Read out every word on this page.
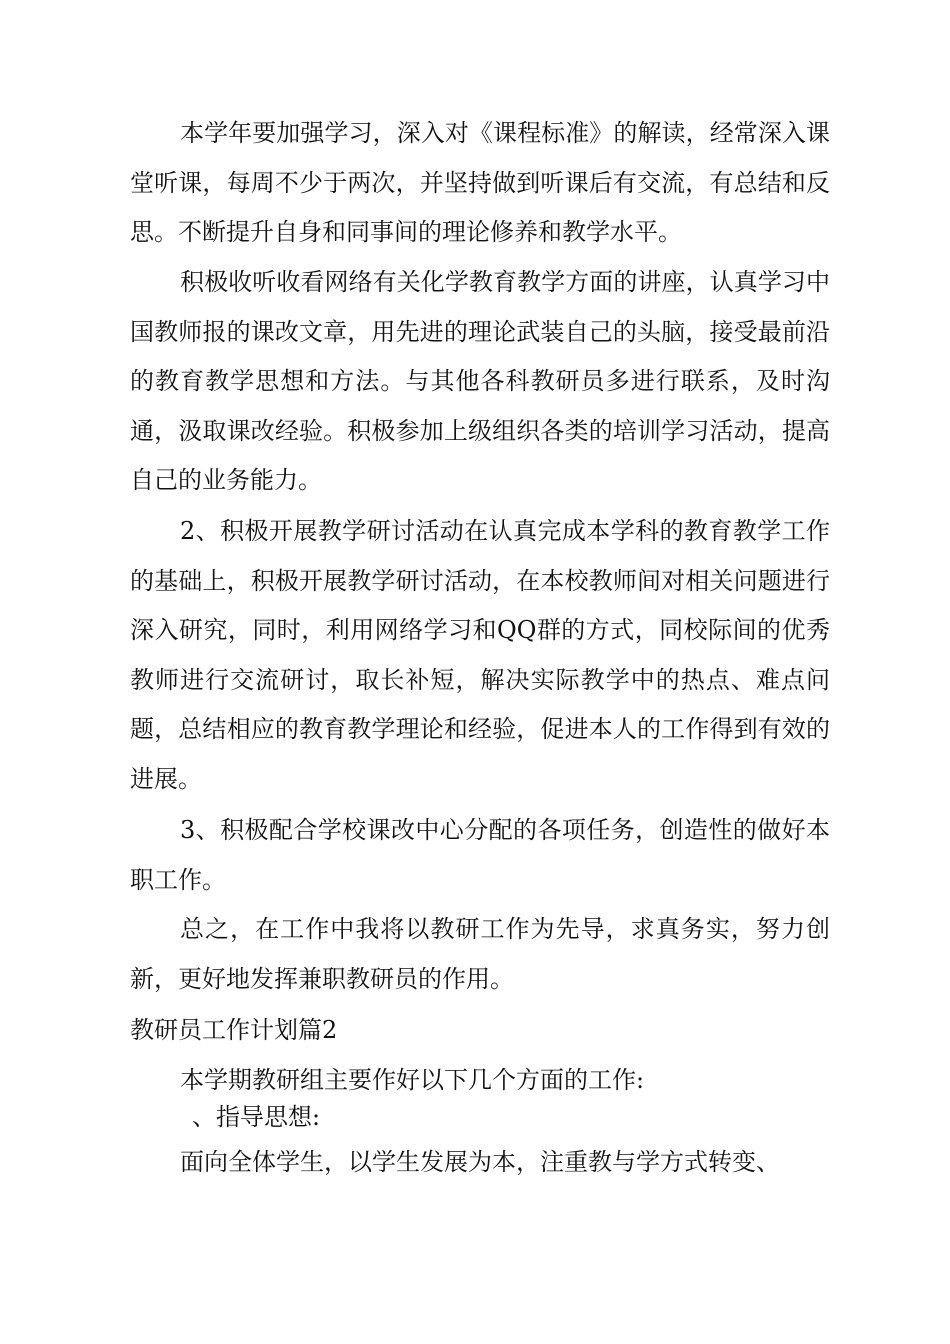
本学年要加强学习，深入对《课程标准》的解读，经常深入课堂听课，每周不少于两次，并坚持做到听课后有交流，有总结和反思。不断提升自身和同事间的理论修养和教学水平。

积极收听收看网络有关化学教育教学方面的讲座，认真学习中国教师报的课改文章，用先进的理论武装自己的头脑，接受最前沿的教育教学思想和方法。与其他各科教研员多进行联系，及时沟通，汲取课改经验。积极参加上级组织各类的培训学习活动，提高自己的业务能力。

2、积极开展教学研讨活动在认真完成本学科的教育教学工作的基础上，积极开展教学研讨活动，在本校教师间对相关问题进行深入研究，同时，利用网络学习和QQ群的方式，同校际间的优秀教师进行交流研讨，取长补短，解决实际教学中的热点、难点问题，总结相应的教育教学理论和经验，促进本人的工作得到有效的进展。

3、积极配合学校课改中心分配的各项任务，创造性的做好本职工作。

总之，在工作中我将以教研工作为先导，求真务实，努力创新，更好地发挥兼职教研员的作用。

教研员工作计划篇2

本学期教研组主要作好以下几个方面的工作:

、指导思想:

面向全体学生，以学生发展为本，注重教与学方式转变、
